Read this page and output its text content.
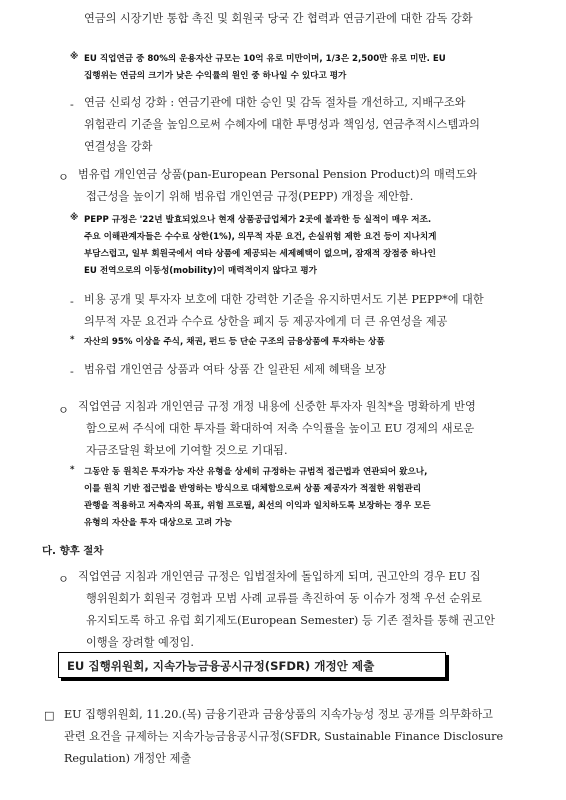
연금의 시장기반 통합 촉진 및 회원국 당국 간 협력과 연금기관에 대한 감독 강화
※ EU 직업연금 중 80%의 운용자산 규모는 10억 유로 미만이며, 1/3은 2,500만 유로 미만. EU
집행위는 연금의 크기가 낮은 수익률의 원인 중 하나일 수 있다고 평가
- 연금 신뢰성 강화 : 연금기관에 대한 승인 및 감독 절차를 개선하고, 지배구조와
위험관리 기준을 높임으로써 수혜자에 대한 투명성과 책임성, 연금추적시스템과의
연결성을 강화
ㅇ 범유럽 개인연금 상품(pan-European Personal Pension Product)의 매력도와
접근성을 높이기 위해 범유럽 개인연금 규정(PEPP) 개정을 제안함.
※ PEPP 규정은 '22년 발효되었으나 현재 상품공급업체가 2곳에 불과한 등 실적이 매우 저조.
주요 이해관계자들은 수수료 상한(1%), 의무적 자문 요건, 손실위험 제한 요건 등이 지나치게
부담스럽고, 일부 회원국에서 여타 상품에 제공되는 세제혜택이 없으며, 잠재적 장점중 하나인
EU 전역으로의 이동성(mobility)이 매력적이지 않다고 평가
- 비용 공개 및 투자자 보호에 대한 강력한 기준을 유지하면서도 기본 PEPP*에 대한
의무적 자문 요건과 수수료 상한을 폐지 등 제공자에게 더 큰 유연성을 제공
* 자산의 95% 이상을 주식, 채권, 펀드 등 단순 구조의 금융상품에 투자하는 상품
- 범유럽 개인연금 상품과 여타 상품 간 일관된 세제 혜택을 보장
ㅇ 직업연금 지침과 개인연금 규정 개정 내용에 신중한 투자자 원칙*을 명확하게 반영
함으로써 주식에 대한 투자를 확대하여 저축 수익률을 높이고 EU 경제의 새로운
자금조달원 확보에 기여할 것으로 기대됨.
* 그동안 동 원칙은 투자가능 자산 유형을 상세히 규정하는 규범적 접근법과 연관되어 왔으나,
이를 원칙 기반 접근법을 반영하는 방식으로 대체함으로써 상품 제공자가 적절한 위험관리
관행을 적용하고 저축자의 목표, 위험 프로필, 최선의 이익과 일치하도록 보장하는 경우 모든
유형의 자산을 투자 대상으로 고려 가능
다. 향후 절차
ㅇ 직업연금 지침과 개인연금 규정은 입법절차에 돌입하게 되며, 권고안의 경우 EU 집
행위원회가 회원국 경험과 모범 사례 교류를 촉진하여 동 이슈가 정책 우선 순위로
유지되도록 하고 유럽 회기제도(European Semester) 등 기존 절차를 통해 권고안
이행을 장려할 예정임.
EU 집행위원회, 지속가능금융공시규정(SFDR) 개정안 제출
□ EU 집행위원회, 11.20.(목) 금융기관과 금융상품의 지속가능성 정보 공개를 의무화하고
관련 요건을 규제하는 지속가능금융공시규정(SFDR, Sustainable Finance Disclosure
Regulation) 개정안 제출
